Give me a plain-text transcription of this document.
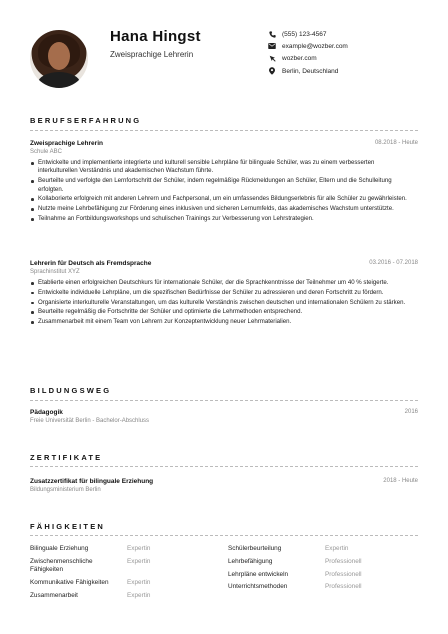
Hana Hingst
Zweisprachige Lehrerin
(555) 123-4567
example@wozber.com
wozber.com
Berlin, Deutschland
BERUFSERFAHRUNG
Zweisprachige Lehrerin	08.2018 - Heute
Schule ABC
Entwickelte und implementierte integrierte und kulturell sensible Lehrpläne für bilinguale Schüler, was zu einem verbesserten interkulturellen Verständnis und akademischen Wachstum führte.
Beurteilte und verfolgte den Lernfortschritt der Schüler, indem regelmäßige Rückmeldungen an Schüler, Eltern und die Schulleitung erfolgten.
Kollaborierte erfolgreich mit anderen Lehrern und Fachpersonal, um ein umfassendes Bildungserlebnis für alle Schüler zu gewährleisten.
Nutzte meine Lehrbefähigung zur Förderung eines inklusiven und sicheren Lernumfelds, das akademisches Wachstum unterstützte.
Teilnahme an Fortbildungsworkshops und schulischen Trainings zur Verbesserung von Lehrstrategien.
Lehrerin für Deutsch als Fremdsprache	03.2016 - 07.2018
Sprachinstitut XYZ
Etablierte einen erfolgreichen Deutschkurs für internationale Schüler, der die Sprachkenntnisse der Teilnehmer um 40 % steigerte.
Entwickelte individuelle Lehrpläne, um die spezifischen Bedürfnisse der Schüler zu adressieren und deren Fortschritt zu fördern.
Organisierte interkulturelle Veranstaltungen, um das kulturelle Verständnis zwischen deutschen und internationalen Schülern zu stärken.
Beurteilte regelmäßig die Fortschritte der Schüler und optimierte die Lehrmethoden entsprechend.
Zusammenarbeit mit einem Team von Lehrern zur Konzeptentwicklung neuer Lehrmaterialien.
BILDUNGSWEG
Pädagogik	2016
Freie Universität Berlin - Bachelor-Abschluss
ZERTIFIKATE
Zusatzzertifikat für bilinguale Erziehung	2018 - Heute
Bildungsministerium Berlin
FÄHIGKEITEN
Bilinguale Erziehung	Expertin
Zwischenmenschliche Fähigkeiten
Expertin
Kommunikative Fähigkeiten	Expertin
Zusammenarbeit	Expertin
Schülerbeurteilung	Expertin
Lehrbefähigung	Professionell
Lehrpläne entwickeln	Professionell
Unterrichtsmethoden	Professionell
